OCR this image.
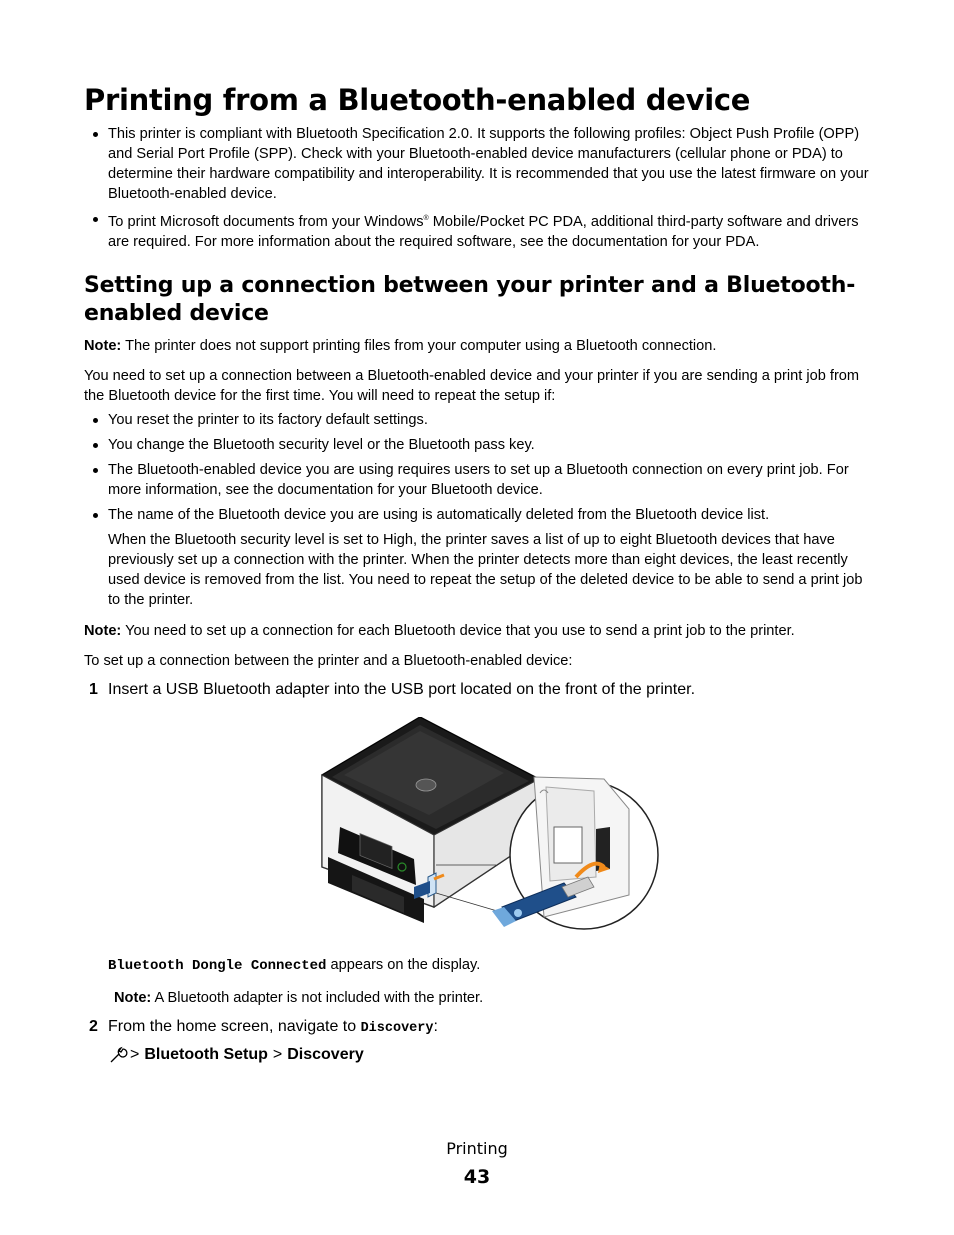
Printing from a Bluetooth-enabled device
This printer is compliant with Bluetooth Specification 2.0. It supports the following profiles: Object Push Profile (OPP) and Serial Port Profile (SPP). Check with your Bluetooth-enabled device manufacturers (cellular phone or PDA) to determine their hardware compatibility and interoperability. It is recommended that you use the latest firmware on your Bluetooth-enabled device.
To print Microsoft documents from your Windows® Mobile/Pocket PC PDA, additional third-party software and drivers are required. For more information about the required software, see the documentation for your PDA.
Setting up a connection between your printer and a Bluetooth-enabled device

Note: The printer does not support printing files from your computer using a Bluetooth connection.

You need to set up a connection between a Bluetooth-enabled device and your printer if you are sending a print job from the Bluetooth device for the first time. You will need to repeat the setup if:

You reset the printer to its factory default settings.
You change the Bluetooth security level or the Bluetooth pass key.
The Bluetooth-enabled device you are using requires users to set up a Bluetooth connection on every print job. For more information, see the documentation for your Bluetooth device.
The name of the Bluetooth device you are using is automatically deleted from the Bluetooth device list.

When the Bluetooth security level is set to High, the printer saves a list of up to eight Bluetooth devices that have previously set up a connection with the printer. When the printer detects more than eight devices, the least recently used device is removed from the list. You need to repeat the setup of the deleted device to be able to send a print job to the printer.

Note: You need to set up a connection for each Bluetooth device that you use to send a print job to the printer.

To set up a connection between the printer and a Bluetooth-enabled device:

1 Insert a USB Bluetooth adapter into the USB port located on the front of the printer.

Bluetooth Dongle Connected appears on the display.

Note: A Bluetooth adapter is not included with the printer.

2 From the home screen, navigate to Discovery:
> Bluetooth Setup > Discovery
Printing
43
